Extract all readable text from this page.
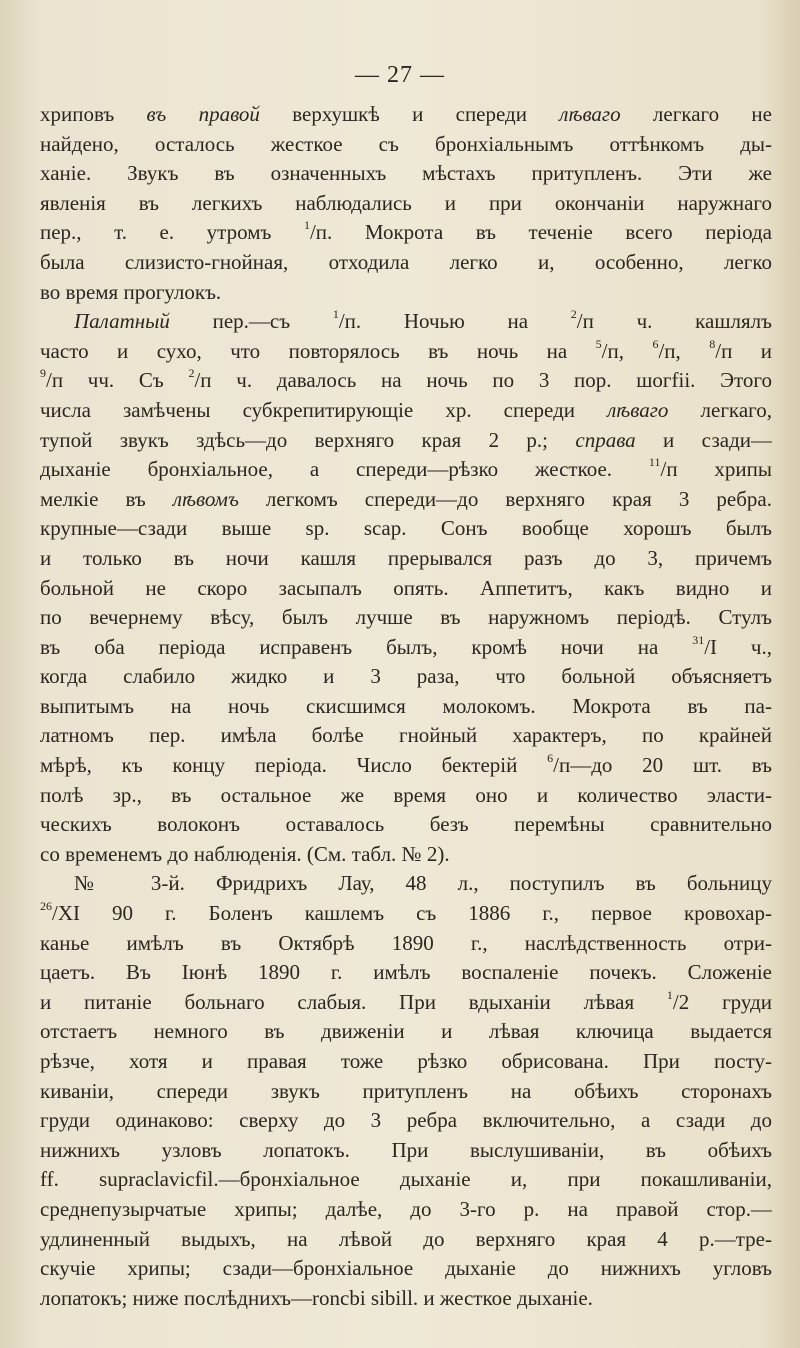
— 27 —
хриповъ въ правой верхушкѣ и спереди лѣваго легкаго не
найдено, осталось жесткое съ бронхіальнымъ оттѣнкомъ ды-
ханіе. Звукъ въ означенныхъ мѣстахъ притупленъ. Эти же
явленія въ легкихъ наблюдались и при окончаніи наружнаго
пер., т. е. утромъ $^1$/п. Мокрота въ теченіе всего періода
была слизисто-гнойная, отходила легко и, особенно, легко
во время прогулокъ.
Палатный пер.—съ $^1$/п. Ночью на $^2$/п ч. кашлялъ
часто и сухо, что повторялось въ ночь на $^5$/п, $^6$/п, $^8$/п и
$^9$/п чч. Съ $^2$/п ч. давалось на ночь по 3 пор. шогfіі. Этого
числа замѣчены субкрепитирующіе хр. спереди лѣваго легкаго,
тупой звукъ здѣсь—до верхняго края 2 р.; справа и сзади—
дыханіе бронхіальное, а спереди—рѣзко жесткое. $^{11}$/п хрипы
мелкіе въ лѣвомъ легкомъ спереди—до верхняго края 3 ребра.
крупные—сзади выше sp. scap. Сонъ вообще хорошъ былъ
и только въ ночи кашля прерывался разъ до 3, причемъ
больной не скоро засыпалъ опять. Аппетитъ, какъ видно и
по вечернему вѣсу, былъ лучше въ наружномъ періодѣ. Стулъ
въ оба періода исправенъ былъ, кромѣ ночи на $^{31}$/І ч.,
когда слабило жидко и 3 раза, что больной объясняетъ
выпитымъ на ночь скисшимся молокомъ. Мокрота въ па-
латномъ пер. имѣла болѣе гнойный характеръ, по крайней
мѣрѣ, къ концу періода. Число бектерій $^6$/п—до 20 шт. въ
полѣ зр., въ остальное же время оно и количество эласти-
ческихъ волоконъ оставалось безъ перемѣны сравнительно
со временемъ до наблюденія. (См. табл. № 2).
№ 3-й. Фридрихъ Лау, 48 л., поступилъ въ больницу
$^{26}$/ХІ 90 г. Боленъ кашлемъ съ 1886 г., первое кровохар-
канье имѣлъ въ Октябрѣ 1890 г., наслѣдственность отри-
цаетъ. Въ Іюнѣ 1890 г. имѣлъ воспаленіе почекъ. Сложеніе
и питаніе больнаго слабыя. При вдыханіи лѣвая $^1$/2 груди
отстаетъ немного въ движеніи и лѣвая ключица выдается
рѣзче, хотя и правая тоже рѣзко обрисована. При посту-
киваніи, спереди звукъ притупленъ на обѣихъ сторонахъ
груди одинаково: сверху до 3 ребра включительно, а сзади до
нижнихъ узловъ лопатокъ. При выслушиваніи, въ обѣихъ
ff. supraclavicfil.—бронхіальное дыханіе и, при покашливаніи,
среднепузырчатые хрипы; далѣе, до 3-го р. на правой стор.—
удлиненный выдыхъ, на лѣвой до верхняго края 4 р.—тре-
скучіе хрипы; сзади—бронхіальное дыханіе до нижнихъ угловъ
лопатокъ; ниже послѣднихъ—roncbi sibill. и жесткое дыханіе.
